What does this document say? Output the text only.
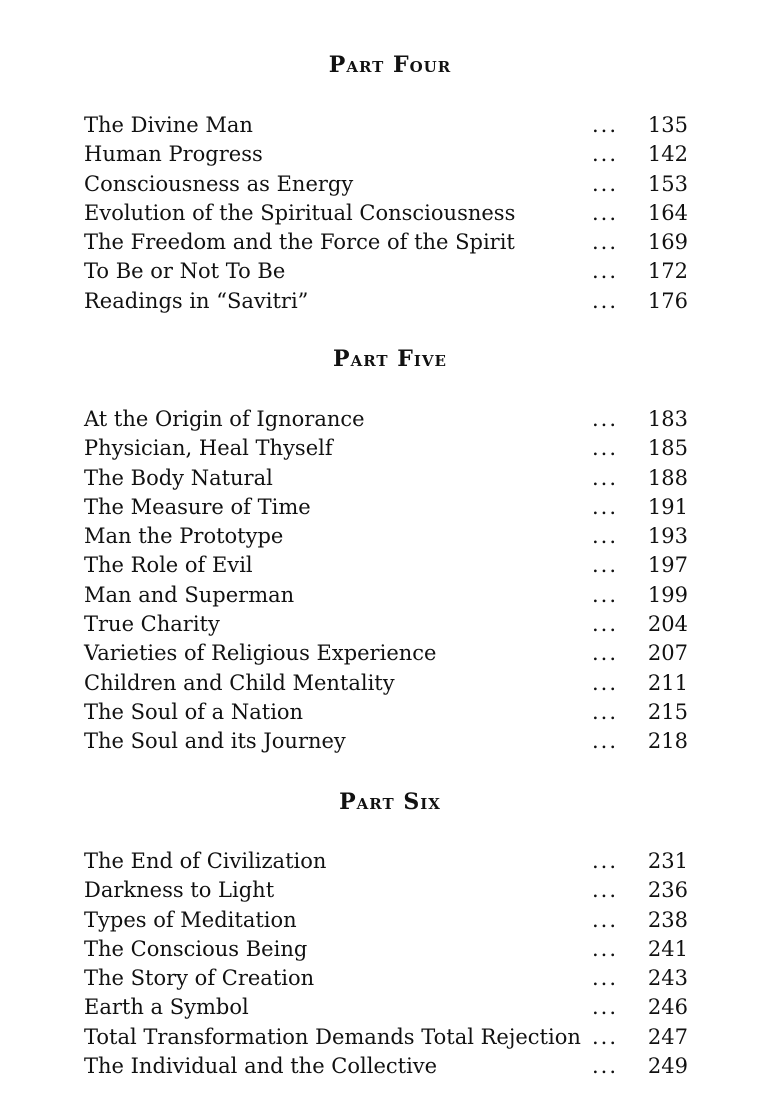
Part Four
The Divine Man	... 135
Human Progress	... 142
Consciousness as Energy	... 153
Evolution of the Spiritual Consciousness	... 164
The Freedom and the Force of the Spirit	... 169
To Be or Not To Be	... 172
Readings in “Savitri”	... 176
Part Five
At the Origin of Ignorance	... 183
Physician, Heal Thyself	... 185
The Body Natural	... 188
The Measure of Time	... 191
Man the Prototype	... 193
The Role of Evil	... 197
Man and Superman	... 199
True Charity	... 204
Varieties of Religious Experience	... 207
Children and Child Mentality	... 211
The Soul of a Nation	... 215
The Soul and its Journey	... 218
Part Six
The End of Civilization	... 231
Darkness to Light	... 236
Types of Meditation	... 238
The Conscious Being	... 241
The Story of Creation	... 243
Earth a Symbol	... 246
Total Transformation Demands Total Rejection ... 247
The Individual and the Collective	... 249
